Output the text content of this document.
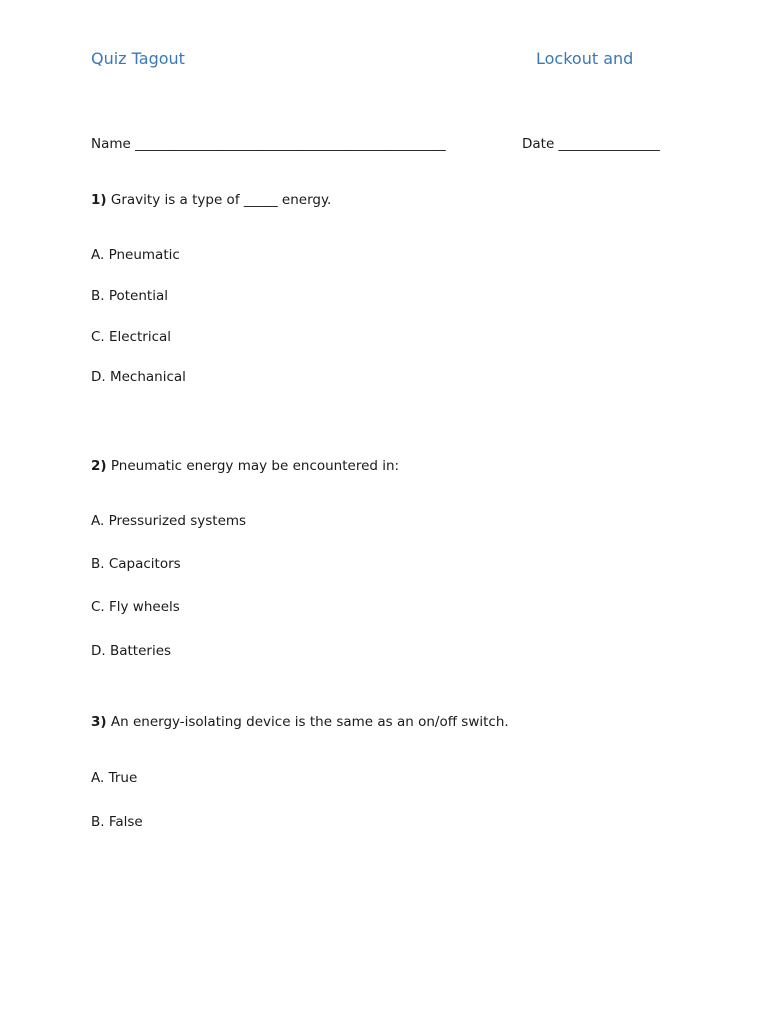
Quiz Tagout	Lockout and
Name ______________________________________________	Date _______________
1) Gravity is a type of _____ energy.
A. Pneumatic
B. Potential
C. Electrical
D. Mechanical
2) Pneumatic energy may be encountered in:
A. Pressurized systems
B. Capacitors
C. Fly wheels
D. Batteries
3) An energy-isolating device is the same as an on/off switch.
A. True
B. False
